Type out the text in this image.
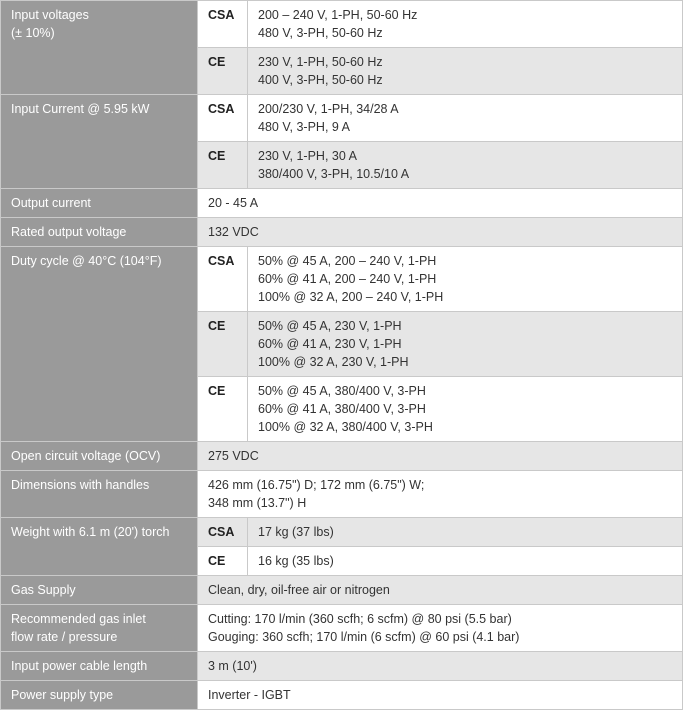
Input voltages
(± 10%)	CSA	200 – 240 V, 1-PH, 50-60 Hz
480 V, 3-PH, 50-60 Hz

	CE	230 V, 1-PH, 50-60 Hz
400 V, 3-PH, 50-60 Hz

Input Current @ 5.95 kW	CSA	200/230 V, 1-PH, 34/28 A
480 V, 3-PH, 9 A

	CE	230 V, 1-PH, 30 A
380/400 V, 3-PH, 10.5/10 A

Output current	20 - 45 A	
Rated output voltage	132 VDC	
Duty cycle @ 40°C (104°F)	CSA	50% @ 45 A, 200 – 240 V, 1-PH
60% @ 41 A, 200 – 240 V, 1-PH
100% @ 32 A, 200 – 240 V, 1-PH

	CE	50% @ 45 A, 230 V, 1-PH
60% @ 41 A, 230 V, 1-PH
100% @ 32 A, 230 V, 1-PH

	CE	50% @ 45 A, 380/400 V, 3-PH
60% @ 41 A, 380/400 V, 3-PH
100% @ 32 A, 380/400 V, 3-PH

Open circuit voltage (OCV)	275 VDC	
Dimensions with handles	426 mm (16.75") D; 172 mm (6.75") W;
348 mm (13.7") H	

Weight with 6.1 m (20') torch	CSA	17 kg (37 lbs)
	CE	16 kg (35 lbs)
Gas Supply	Clean, dry, oil-free air or nitrogen	

Recommended gas inlet
flow rate / pressure	Cutting: 170 l/min (360 scfh; 6 scfm) @ 80 psi (5.5 bar)
Gouging: 360 scfh; 170 l/min (6 scfm) @ 60 psi (4.1 bar)	

Input power cable length	3 m (10')	
Power supply type	Inverter - IGBT	
